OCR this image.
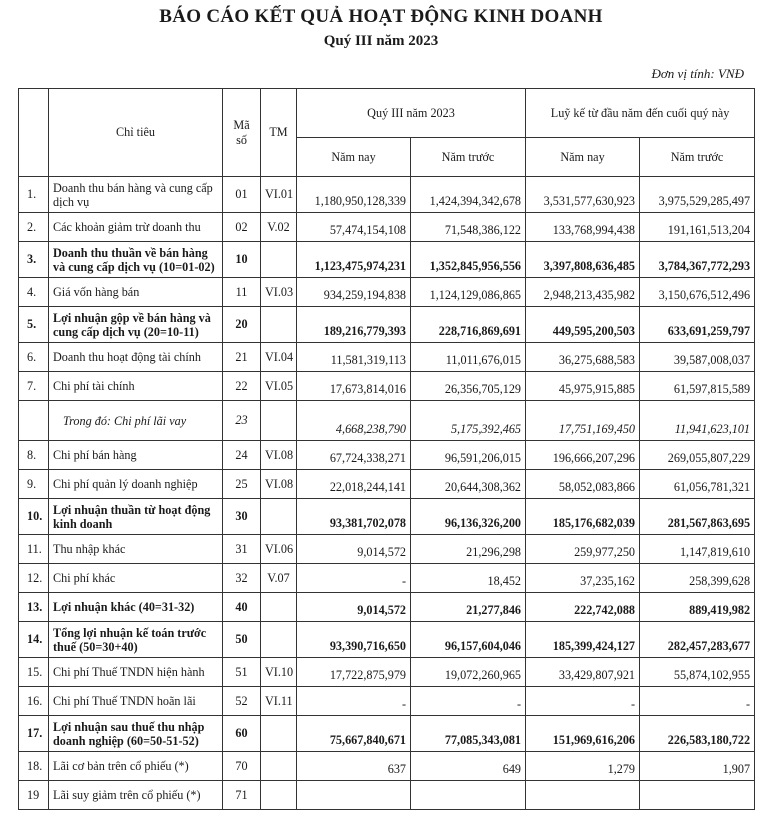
BÁO CÁO KẾT QUẢ HOẠT ĐỘNG KINH DOANH
Quý III năm 2023
Đơn vị tính: VNĐ
	Chỉ tiêu	Mã số	TM	Quý III năm 2023		Luỹ kế từ đầu năm đến cuối quý này	
				Năm nay	Năm trước	Năm nay	Năm trước
1.	Doanh thu bán hàng và cung cấp dịch vụ	01	VI.01	1,180,950,128,339	1,424,394,342,678	3,531,577,630,923	3,975,529,285,497
2.	Các khoản giảm trừ doanh thu	02	V.02	57,474,154,108	71,548,386,122	133,768,994,438	191,161,513,204
3.	Doanh thu thuần về bán hàng và cung cấp dịch vụ (10=01-02)	10		1,123,475,974,231	1,352,845,956,556	3,397,808,636,485	3,784,367,772,293
4.	Giá vốn hàng bán	11	VI.03	934,259,194,838	1,124,129,086,865	2,948,213,435,982	3,150,676,512,496
5.	Lợi nhuận gộp về bán hàng và cung cấp dịch vụ (20=10-11)	20		189,216,779,393	228,716,869,691	449,595,200,503	633,691,259,797
6.	Doanh thu hoạt động tài chính	21	VI.04	11,581,319,113	11,011,676,015	36,275,688,583	39,587,008,037
7.	Chi phí tài chính	22	VI.05	17,673,814,016	26,356,705,129	45,975,915,885	61,597,815,589
	Trong đó: Chi phí lãi vay	23		4,668,238,790	5,175,392,465	17,751,169,450	11,941,623,101
8.	Chi phí bán hàng	24	VI.08	67,724,338,271	96,591,206,015	196,666,207,296	269,055,807,229
9.	Chi phí quản lý doanh nghiệp	25	VI.08	22,018,244,141	20,644,308,362	58,052,083,866	61,056,781,321
10.	Lợi nhuận thuần từ hoạt động kinh doanh	30		93,381,702,078	96,136,326,200	185,176,682,039	281,567,863,695
11.	Thu nhập khác	31	VI.06	9,014,572	21,296,298	259,977,250	1,147,819,610
12.	Chi phí khác	32	V.07	-	18,452	37,235,162	258,399,628
13.	Lợi nhuận khác (40=31-32)	40		9,014,572	21,277,846	222,742,088	889,419,982
14.	Tổng lợi nhuận kế toán trước thuế (50=30+40)	50		93,390,716,650	96,157,604,046	185,399,424,127	282,457,283,677
15.	Chi phí Thuế TNDN hiện hành	51	VI.10	17,722,875,979	19,072,260,965	33,429,807,921	55,874,102,955
16.	Chi phí Thuế TNDN hoãn lãi	52	VI.11	-	-	-	-
17.	Lợi nhuận sau thuế thu nhập doanh nghiệp (60=50-51-52)	60		75,667,840,671	77,085,343,081	151,969,616,206	226,583,180,722
18.	Lãi cơ bản trên cổ phiếu (*)	70		637	649	1,279	1,907
19	Lãi suy giảm trên cổ phiếu (*)	71					
